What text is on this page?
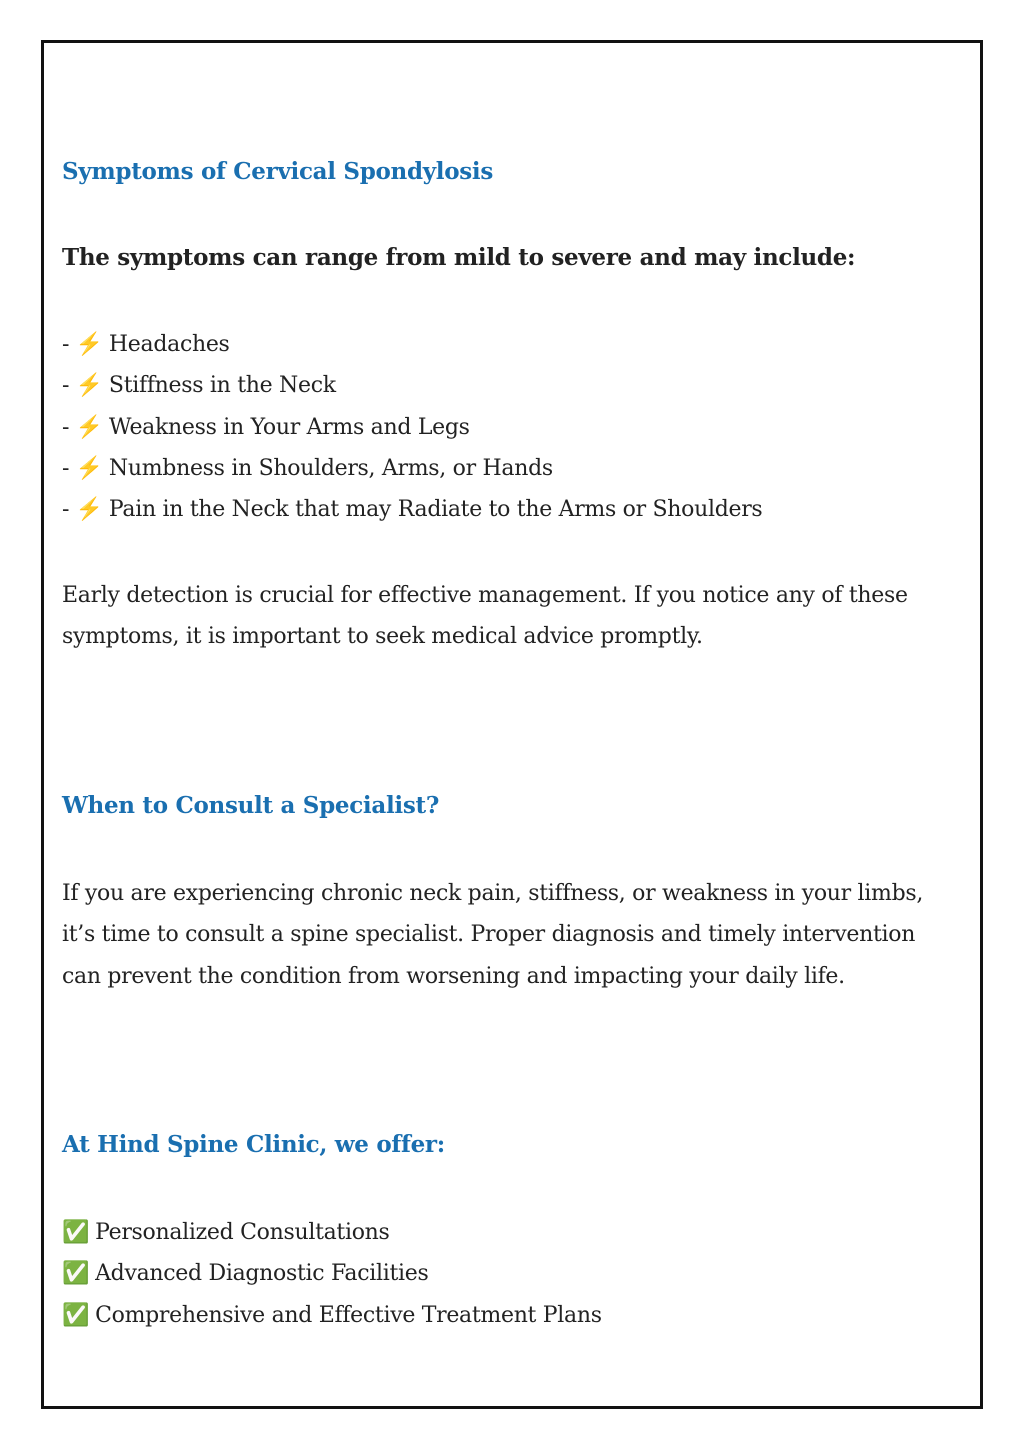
Symptoms of Cervical Spondylosis

The symptoms can range from mild to severe and may include:

- ⚡ Headaches
- ⚡ Stiffness in the Neck
- ⚡ Weakness in Your Arms and Legs
- ⚡ Numbness in Shoulders, Arms, or Hands
- ⚡ Pain in the Neck that may Radiate to the Arms or Shoulders

Early detection is crucial for effective management. If you notice any of these
symptoms, it is important to seek medical advice promptly.

When to Consult a Specialist?

If you are experiencing chronic neck pain, stiffness, or weakness in your limbs,
it’s time to consult a spine specialist. Proper diagnosis and timely intervention
can prevent the condition from worsening and impacting your daily life.

At Hind Spine Clinic, we offer:
✅ Personalized Consultations
✅ Advanced Diagnostic Facilities
✅ Comprehensive and Effective Treatment Plans
